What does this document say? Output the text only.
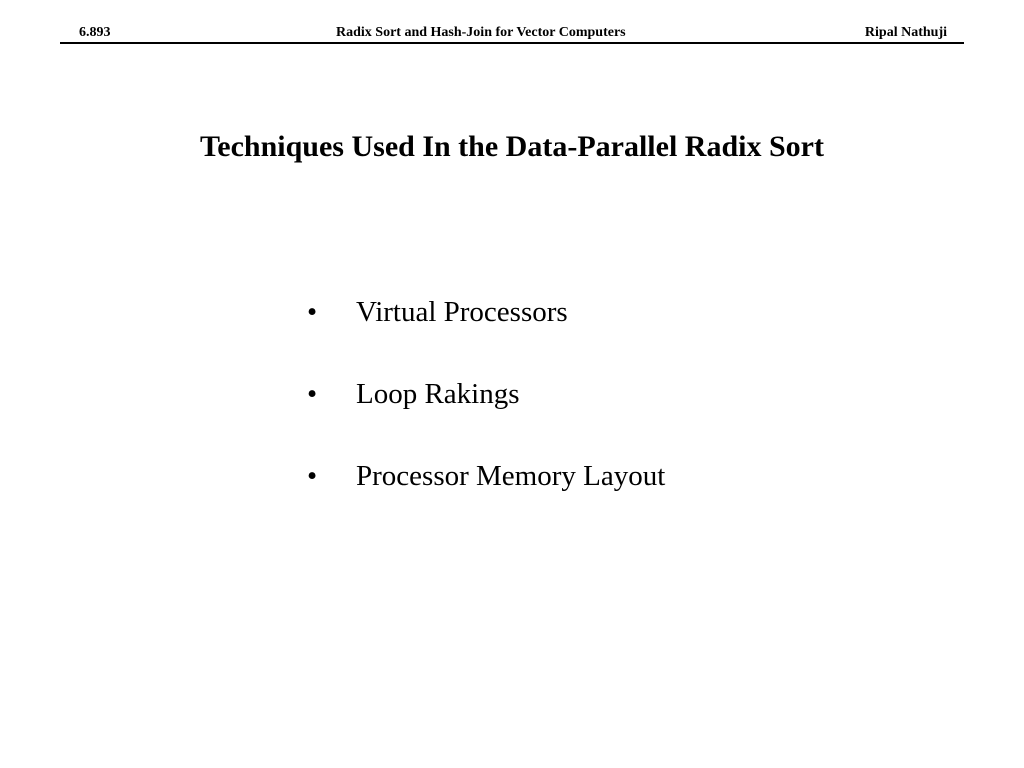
6.893	Radix Sort and Hash-Join for Vector Computers	Ripal Nathuji
Techniques Used In the Data-Parallel Radix Sort
•	Virtual Processors
•	Loop Rakings
•	Processor Memory Layout
